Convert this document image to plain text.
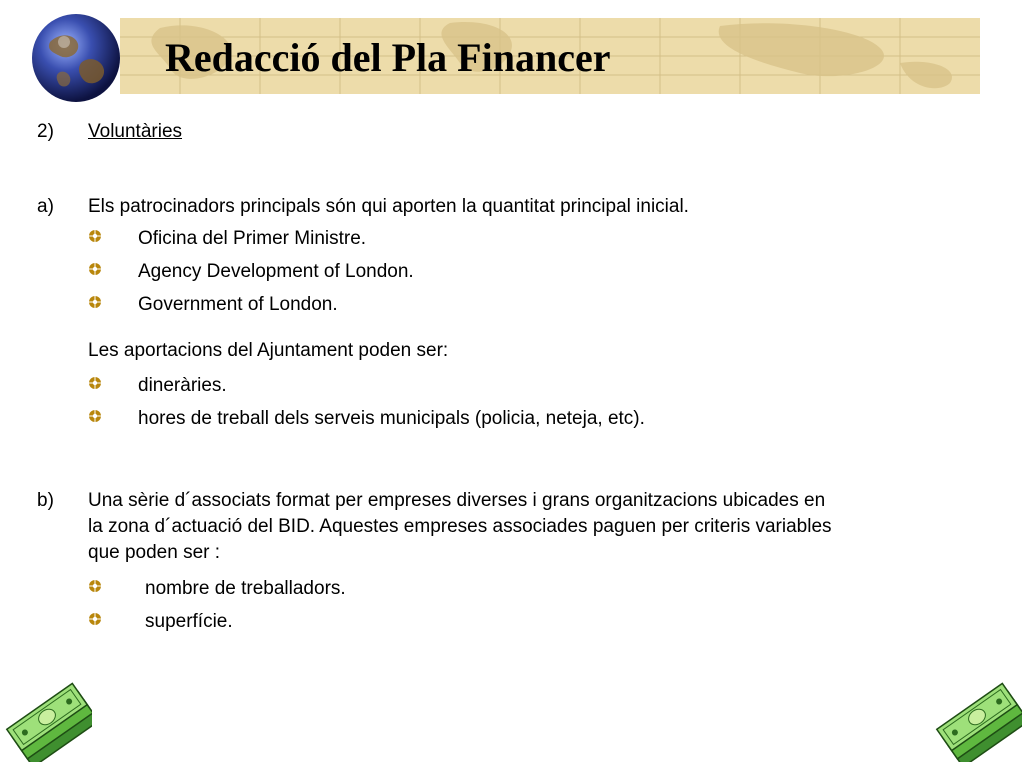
Redacció del Pla Financer
2) Voluntàries
a) Els patrocinadors principals són qui aporten la quantitat principal inicial.
Oficina del Primer Ministre.
Agency Development of London.
Government of London.
Les aportacions del Ajuntament poden ser:
dineràries.
hores de treball dels serveis municipals (policia, neteja, etc).
b) Una sèrie d´associats format per empreses diverses i grans organitzacions ubicades en
la zona d´actuació del BID. Aquestes empreses associades paguen per criteris variables
que poden ser :
nombre de treballadors.
superfície.
